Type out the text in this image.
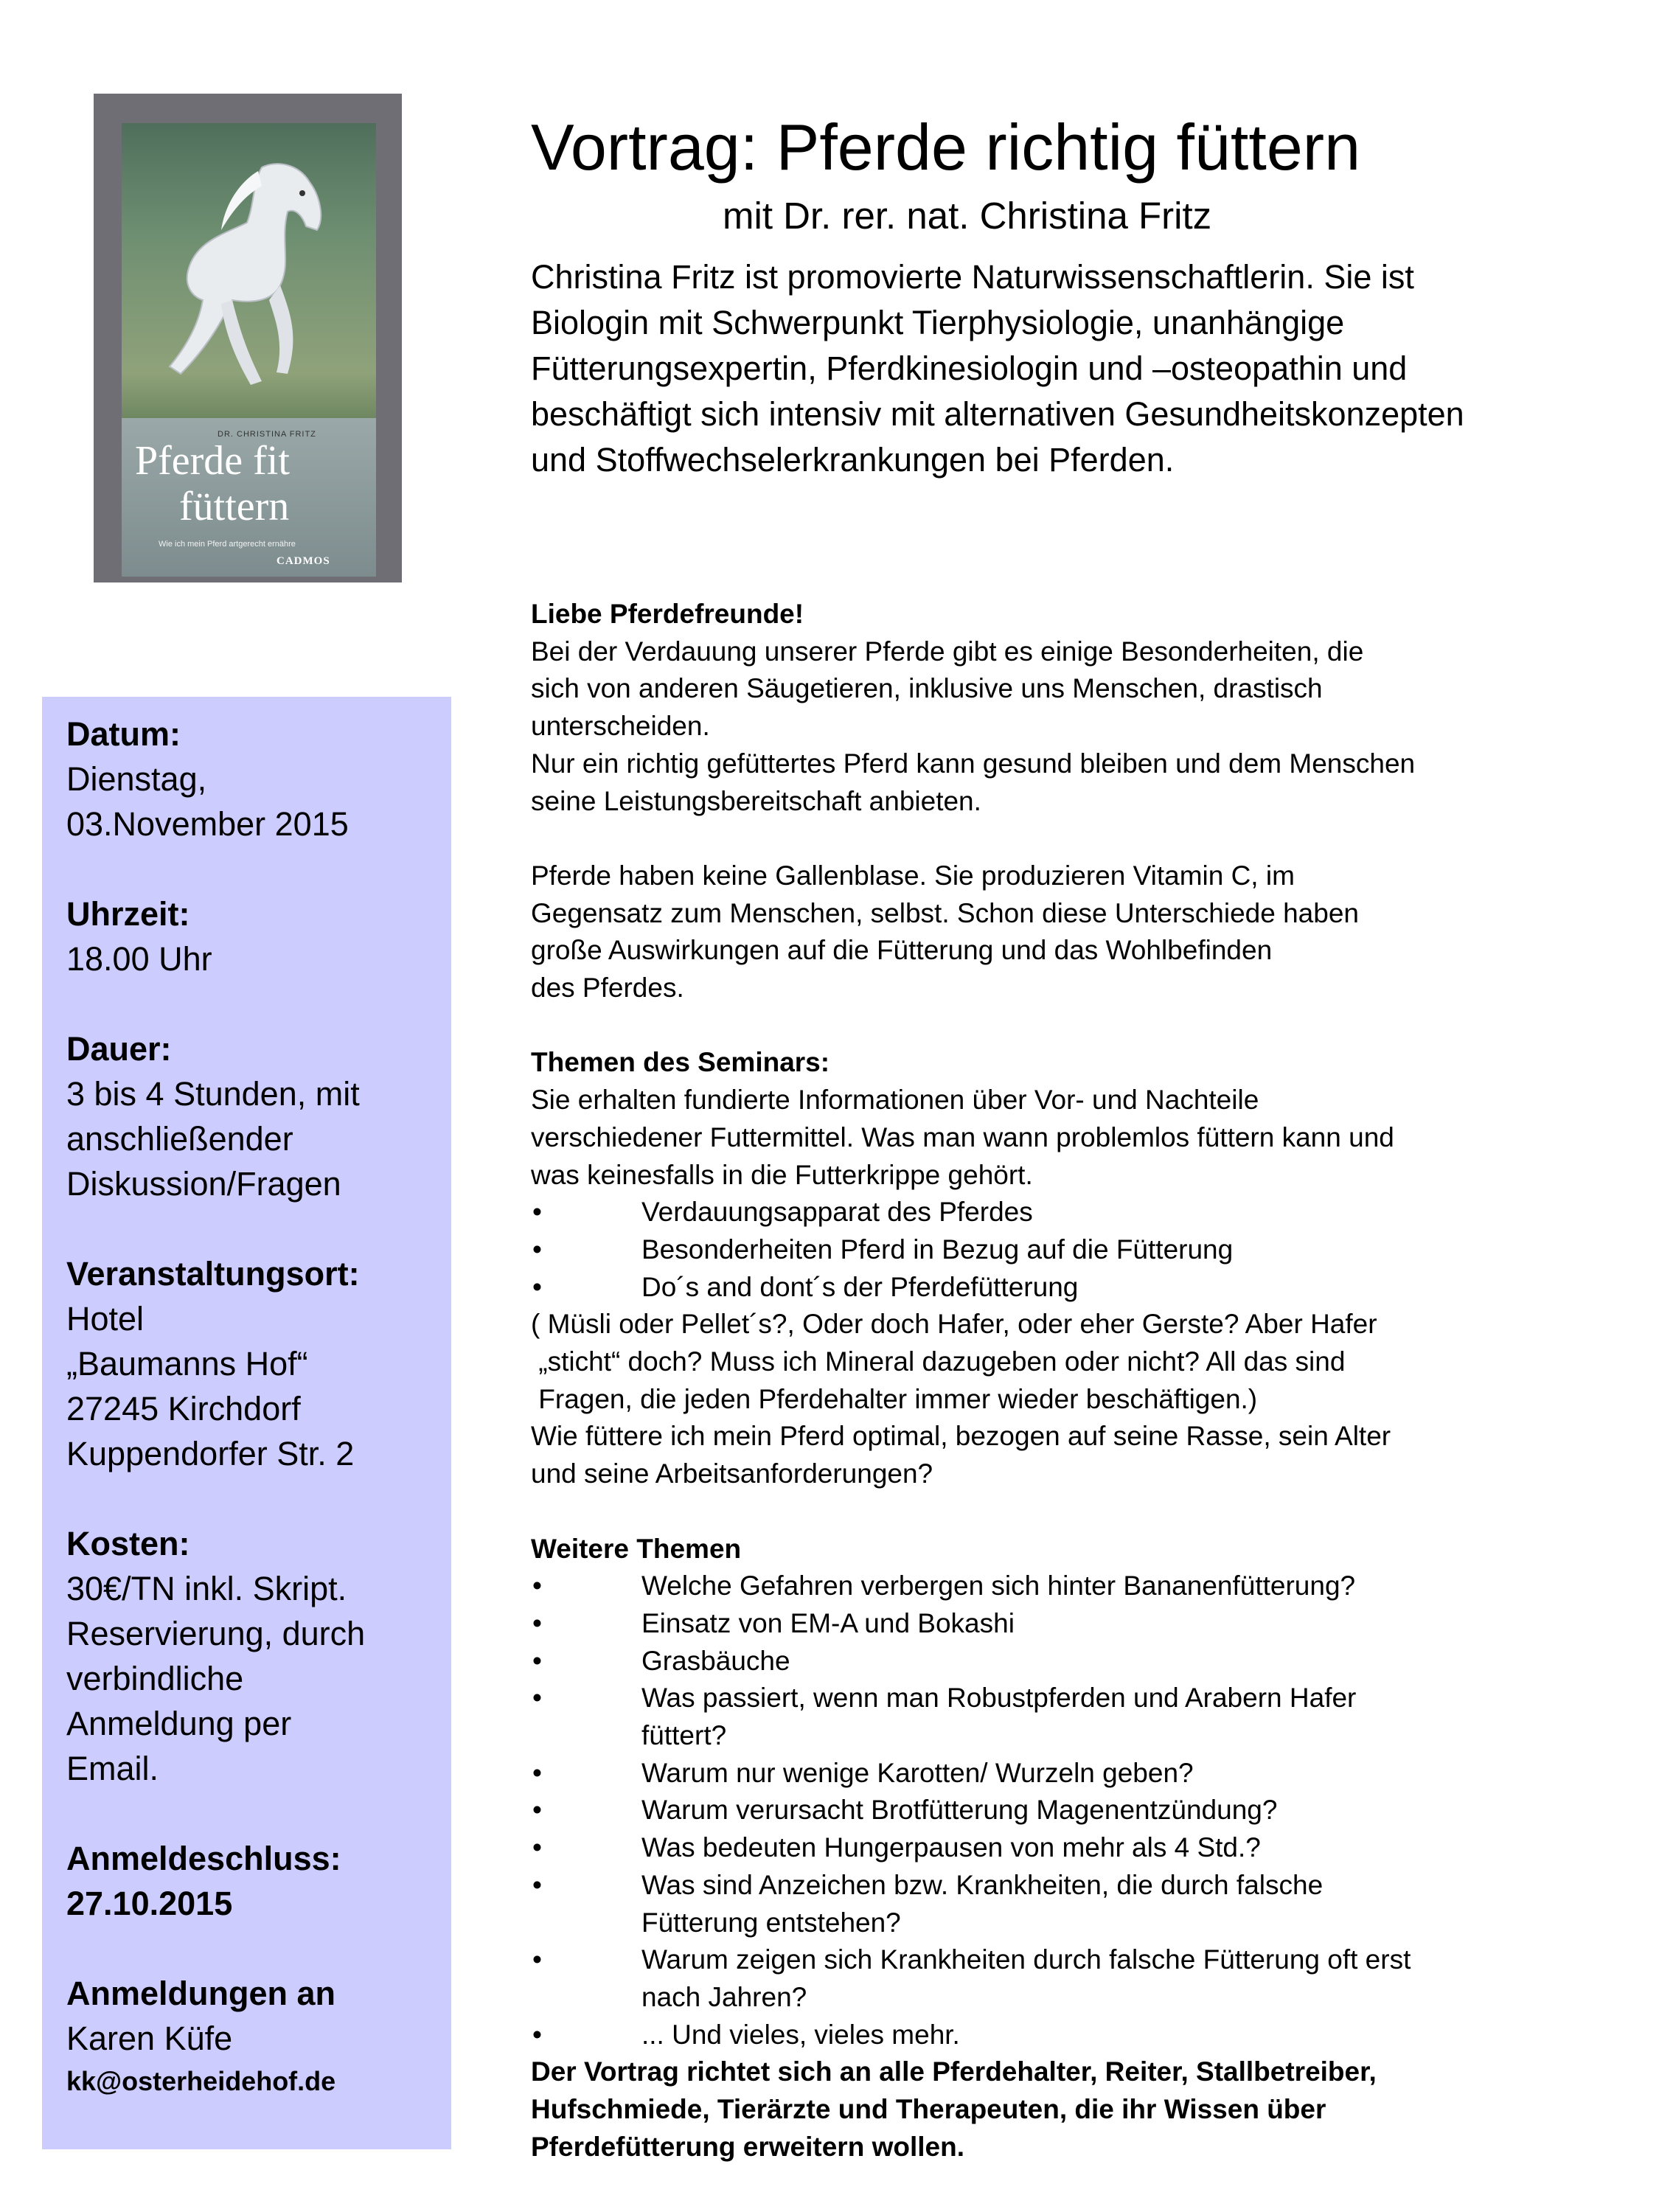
DR. CHRISTINA FRITZ
Pferde fit
füttern
Wie ich mein Pferd artgerecht ernähre
CADMOS
Vortrag: Pferde richtig füttern
mit Dr. rer. nat. Christina Fritz
Christina Fritz ist promovierte Naturwissenschaftlerin. Sie ist
Biologin mit Schwerpunkt Tierphysiologie, unanhängige
Fütterungsexpertin, Pferdkinesiologin und –osteopathin und
beschäftigt sich intensiv mit alternativen Gesundheitskonzepten
und Stoffwechselerkrankungen bei Pferden.
Datum:
Dienstag,
03.November 2015
Uhrzeit:
18.00 Uhr
Dauer:
3 bis 4 Stunden, mit
anschließender
Diskussion/Fragen
Veranstaltungsort:
Hotel
„Baumanns Hof“
27245 Kirchdorf
Kuppendorfer Str. 2
Kosten:
30€/TN inkl. Skript.
Reservierung, durch
verbindliche
Anmeldung per
Email.
Anmeldeschluss:
27.10.2015
Anmeldungen an
Karen Küfe
kk@osterheidehof.de

Liebe Pferdefreunde!

Bei der Verdauung unserer Pferde gibt es einige Besonderheiten, die

sich von anderen Säugetieren, inklusive uns Menschen, drastisch

unterscheiden.

Nur ein richtig gefüttertes Pferd kann gesund bleiben und dem Menschen

seine Leistungsbereitschaft anbieten.

Pferde haben keine Gallenblase. Sie produzieren Vitamin C, im

Gegensatz zum Menschen, selbst. Schon diese Unterschiede haben

große Auswirkungen auf die Fütterung und das Wohlbefinden

des Pferdes.

Themen des Seminars:

Sie erhalten fundierte Informationen über Vor- und Nachteile

verschiedener Futtermittel. Was man wann problemlos füttern kann und

was keinesfalls in die Futterkrippe gehört.

• Verdauungsapparat des Pferdes
• Besonderheiten Pferd in Bezug auf die Fütterung
• Do´s and dont´s der Pferdefütterung

( Müsli oder Pellet´s?, Oder doch Hafer, oder eher Gerste? Aber Hafer

„sticht“ doch? Muss ich Mineral dazugeben oder nicht? All das sind

Fragen, die jeden Pferdehalter immer wieder beschäftigen.)

Wie füttere ich mein Pferd optimal, bezogen auf seine Rasse, sein Alter

und seine Arbeitsanforderungen?

Weitere Themen

• Welche Gefahren verbergen sich hinter Bananenfütterung?
• Einsatz von EM-A und Bokashi
• Grasbäuche
• Was passiert, wenn man Robustpferden und Arabern Hafer
füttert?
• Warum nur wenige Karotten/ Wurzeln geben?
• Warum verursacht Brotfütterung Magenentzündung?
• Was bedeuten Hungerpausen von mehr als 4 Std.?
• Was sind Anzeichen bzw. Krankheiten, die durch falsche
Fütterung entstehen?
• Warum zeigen sich Krankheiten durch falsche Fütterung oft erst
nach Jahren?
• ... Und vieles, vieles mehr.

Der Vortrag richtet sich an alle Pferdehalter, Reiter, Stallbetreiber,

Hufschmiede, Tierärzte und Therapeuten, die ihr Wissen über

Pferdefütterung erweitern wollen.
